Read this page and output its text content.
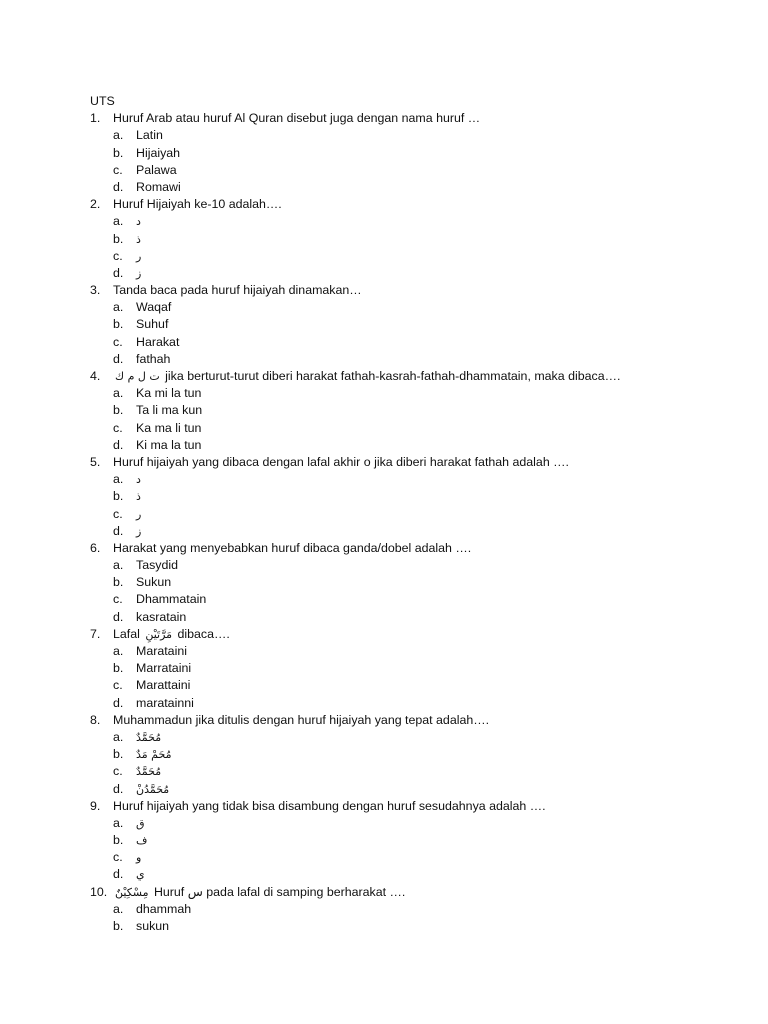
UTS
1. Huruf Arab atau huruf Al Quran disebut juga dengan nama huruf …
a. Latin
b. Hijaiyah
c. Palawa
d. Romawi
2. Huruf Hijaiyah ke-10 adalah….
a. د
b. ذ
c. ر
d. ز
3. Tanda baca pada huruf hijaiyah dinamakan…
a. Waqaf
b. Suhuf
c. Harakat
d. fathah
4. ت ل م ك jika berturut-turut diberi harakat fathah-kasrah-fathah-dhammatain, maka dibaca….
a. Ka mi la tun
b. Ta li ma kun
c. Ka ma li tun
d. Ki ma la tun
5. Huruf hijaiyah yang dibaca dengan lafal akhir o jika diberi harakat fathah adalah ….
a. د
b. ذ
c. ر
d. ز
6. Harakat yang menyebabkan huruf dibaca ganda/dobel adalah ….
a. Tasydid
b. Sukun
c. Dhammatain
d. kasratain
7. Lafal مَرَّتَيْنِ dibaca….
a. Marataini
b. Marrataini
c. Marattaini
d. maratainni
8. Muhammadun jika ditulis dengan huruf hijaiyah yang tepat adalah….
a. مُحَمَّدٌ
b. مُحَمْ مَدٌ
c. مُحَمَّدٌ
d. مُحَمَّدُنْ
9. Huruf hijaiyah yang tidak bisa disambung dengan huruf sesudahnya adalah ….
a. ق
b. ف
c. و
d. ي
10. مِسْكِيْنٌ Huruf س pada lafal di samping berharakat ….
a. dhammah
b. sukun
